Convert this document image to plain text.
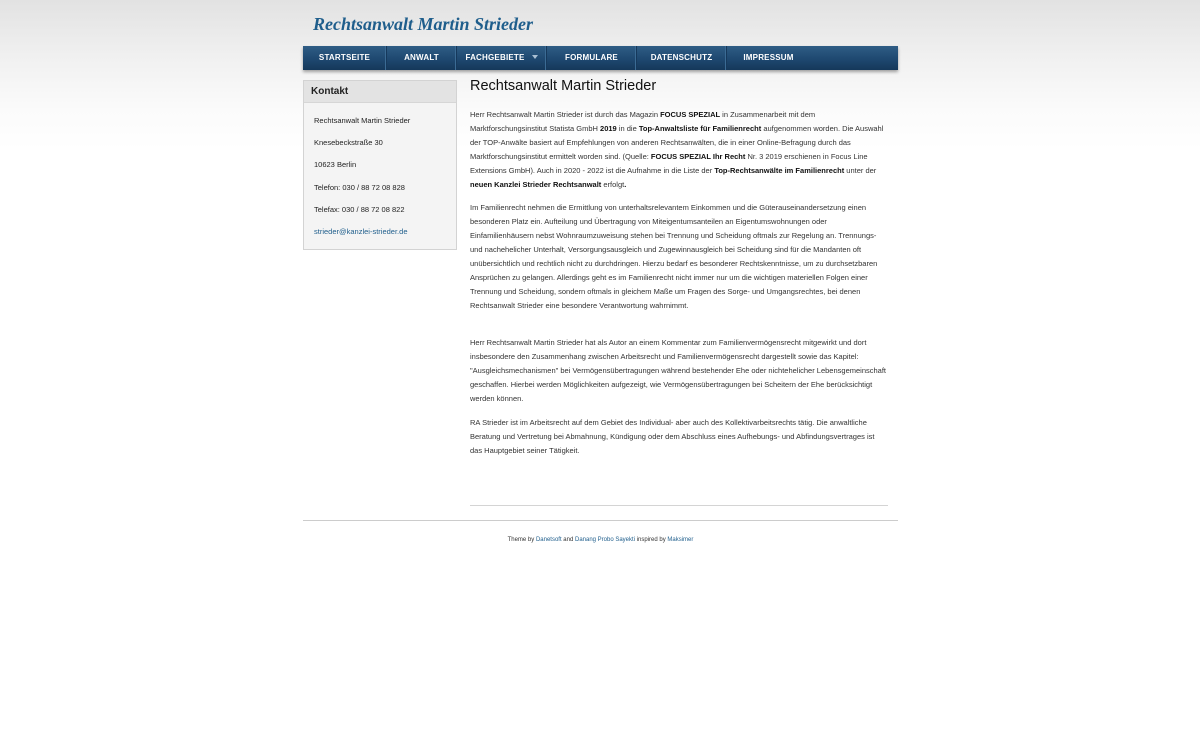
Rechtsanwalt Martin Strieder
STARTSEITE	ANWALT	FACHGEBIETE	FORMULARE	DATENSCHUTZ	IMPRESSUM
Kontakt
Rechtsanwalt Martin Strieder
Knesebeckstraße 30
10623 Berlin
Telefon: 030 / 88 72 08 828
Telefax: 030 / 88 72 08 822
strieder@kanzlei-strieder.de
Rechtsanwalt Martin Strieder

Herr Rechtsanwalt Martin Strieder ist durch das Magazin FOCUS SPEZIAL in Zusammenarbeit mit dem Marktforschungsinstitut Statista GmbH 2019 in die Top-Anwaltsliste für Familienrecht aufgenommen worden. Die Auswahl der TOP-Anwälte basiert auf Empfehlungen von anderen Rechtsanwälten, die in einer Online-Befragung durch das Marktforschungsinstitut ermittelt worden sind. (Quelle: FOCUS SPEZIAL Ihr Recht Nr. 3 2019 erschienen in Focus Line Extensions GmbH). Auch in 2020 - 2022 ist die Aufnahme in die Liste der Top-Rechtsanwälte im Familienrecht unter der neuen Kanzlei Strieder Rechtsanwalt erfolgt.

Im Familienrecht nehmen die Ermittlung von unterhaltsrelevantem Einkommen und die Güterauseinandersetzung einen besonderen Platz ein. Aufteilung und Übertragung von Miteigentumsanteilen an Eigentumswohnungen oder Einfamilienhäusern nebst Wohnraumzuweisung stehen bei Trennung und Scheidung oftmals zur Regelung an. Trennungs- und nachehelicher Unterhalt, Versorgungsausgleich und Zugewinnausgleich bei Scheidung sind für die Mandanten oft unübersichtlich und rechtlich nicht zu durchdringen. Hierzu bedarf es besonderer Rechtskenntnisse, um zu durchsetzbaren Ansprüchen zu gelangen. Allerdings geht es im Familienrecht nicht immer nur um die wichtigen materiellen Folgen einer Trennung und Scheidung, sondern oftmals in gleichem Maße um Fragen des Sorge- und Umgangsrechtes, bei denen Rechtsanwalt Strieder eine besondere Verantwortung wahrnimmt.

Herr Rechtsanwalt Martin Strieder hat als Autor an einem Kommentar zum Familienvermögensrecht mitgewirkt und dort insbesondere den Zusammenhang zwischen Arbeitsrecht und Familienvermögensrecht dargestellt sowie das Kapitel: "Ausgleichsmechanismen" bei Vermögensübertragungen während bestehender Ehe oder nichtehelicher Lebensgemeinschaft geschaffen. Hierbei werden Möglichkeiten aufgezeigt, wie Vermögensübertragungen bei Scheitern der Ehe berücksichtigt werden können.

RA Strieder ist im Arbeitsrecht auf dem Gebiet des Individual- aber auch des Kollektivarbeitsrechts tätig. Die anwaltliche Beratung und Vertretung bei Abmahnung, Kündigung oder dem Abschluss eines Aufhebungs- und Abfindungsvertrages ist das Hauptgebiet seiner Tätigkeit.

Theme by Danetsoft and Danang Probo Sayekti inspired by Maksimer
